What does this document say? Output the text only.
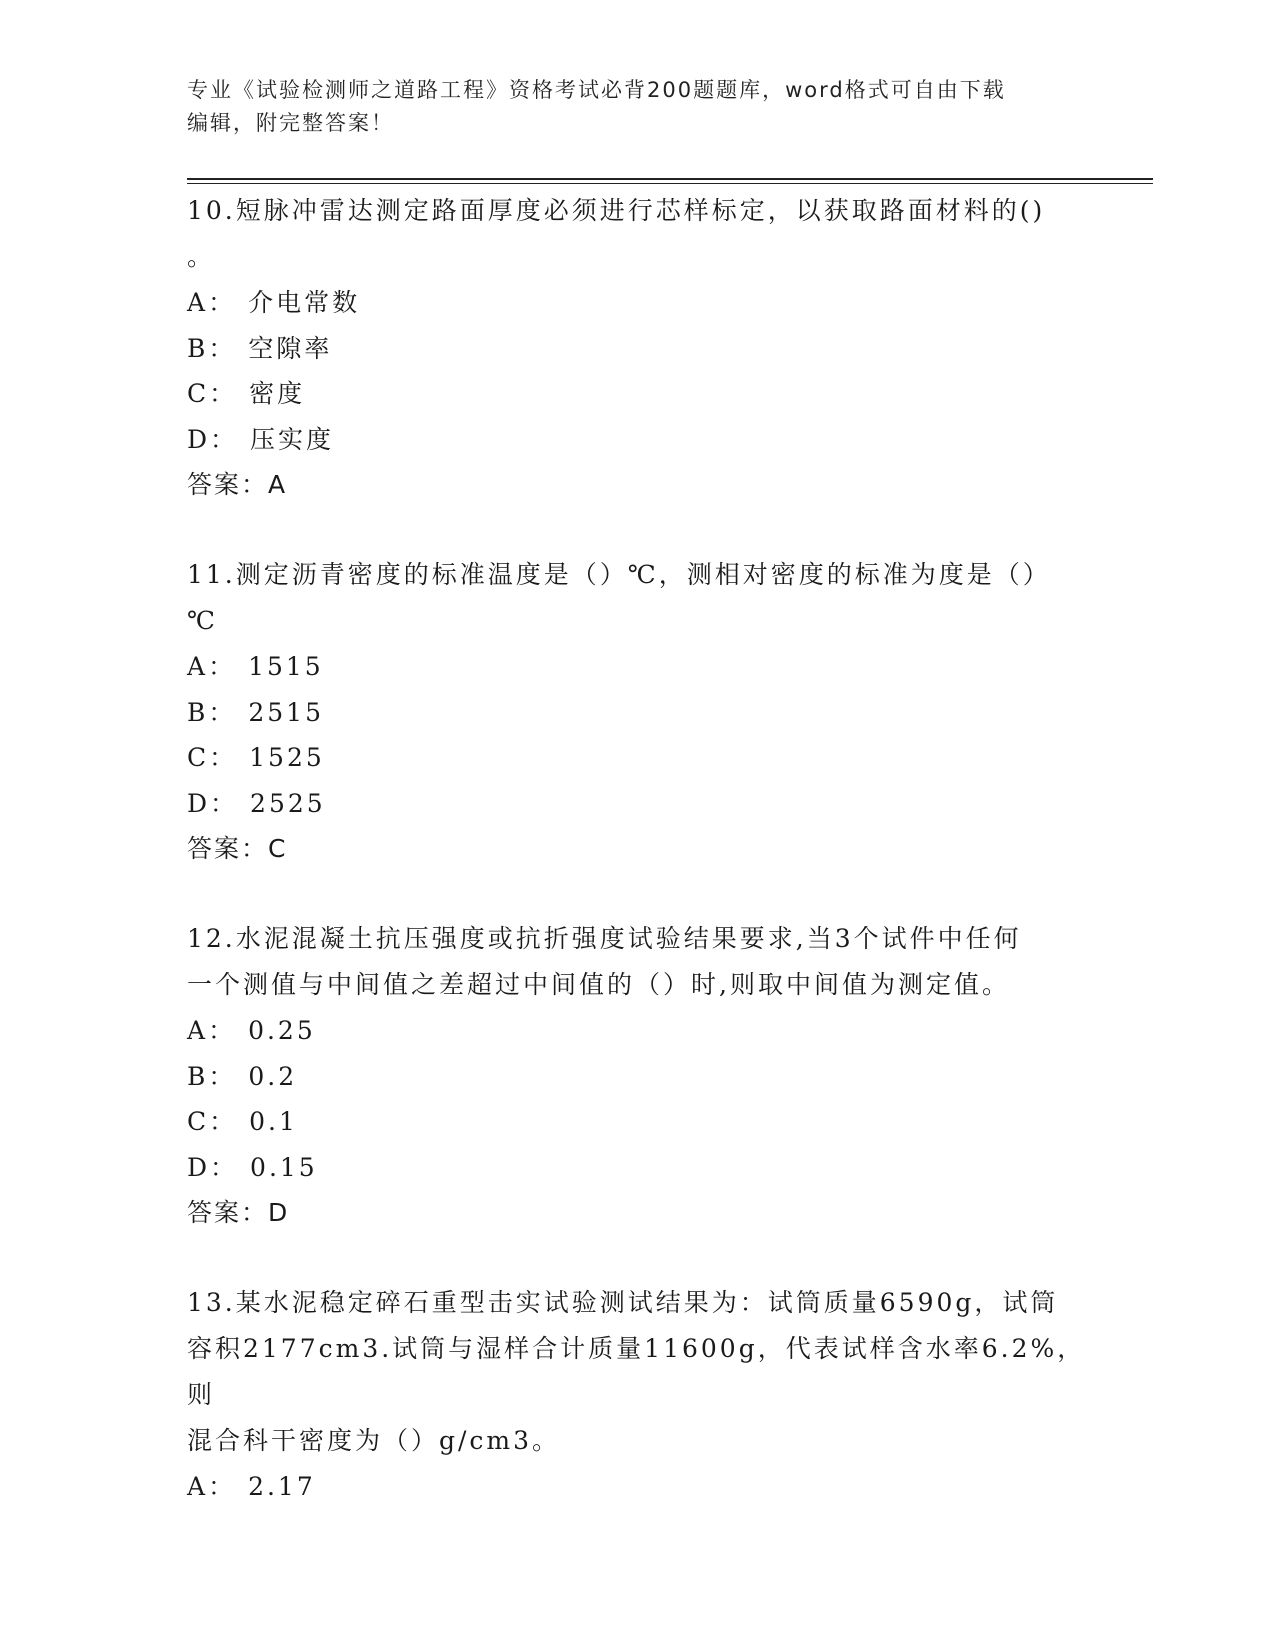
专业《试验检测师之道路工程》资格考试必背200题题库，word格式可自由下载
编辑，附完整答案！
10.短脉冲雷达测定路面厚度必须进行芯样标定，以获取路面材料的()
。
A ： 介电常数
B ： 空隙率
C ： 密度
D ： 压实度
答案：A
11.测定沥青密度的标准温度是（）℃，测相对密度的标准为度是（）
℃
A ： 1515
B ： 2515
C ： 1525
D ： 2525
答案：C
12.水泥混凝土抗压强度或抗折强度试验结果要求,当3个试件中任何
一个测值与中间值之差超过中间值的（）时,则取中间值为测定值。
A ： 0.25
B ： 0.2
C ： 0.1
D ： 0.15
答案：D
13.某水泥稳定碎石重型击实试验测试结果为：试筒质量6590g，试筒
容积2177cm3.试筒与湿样合计质量11600g，代表试样含水率6.2%，则
混合科干密度为（）g/cm3。
A ： 2.17
